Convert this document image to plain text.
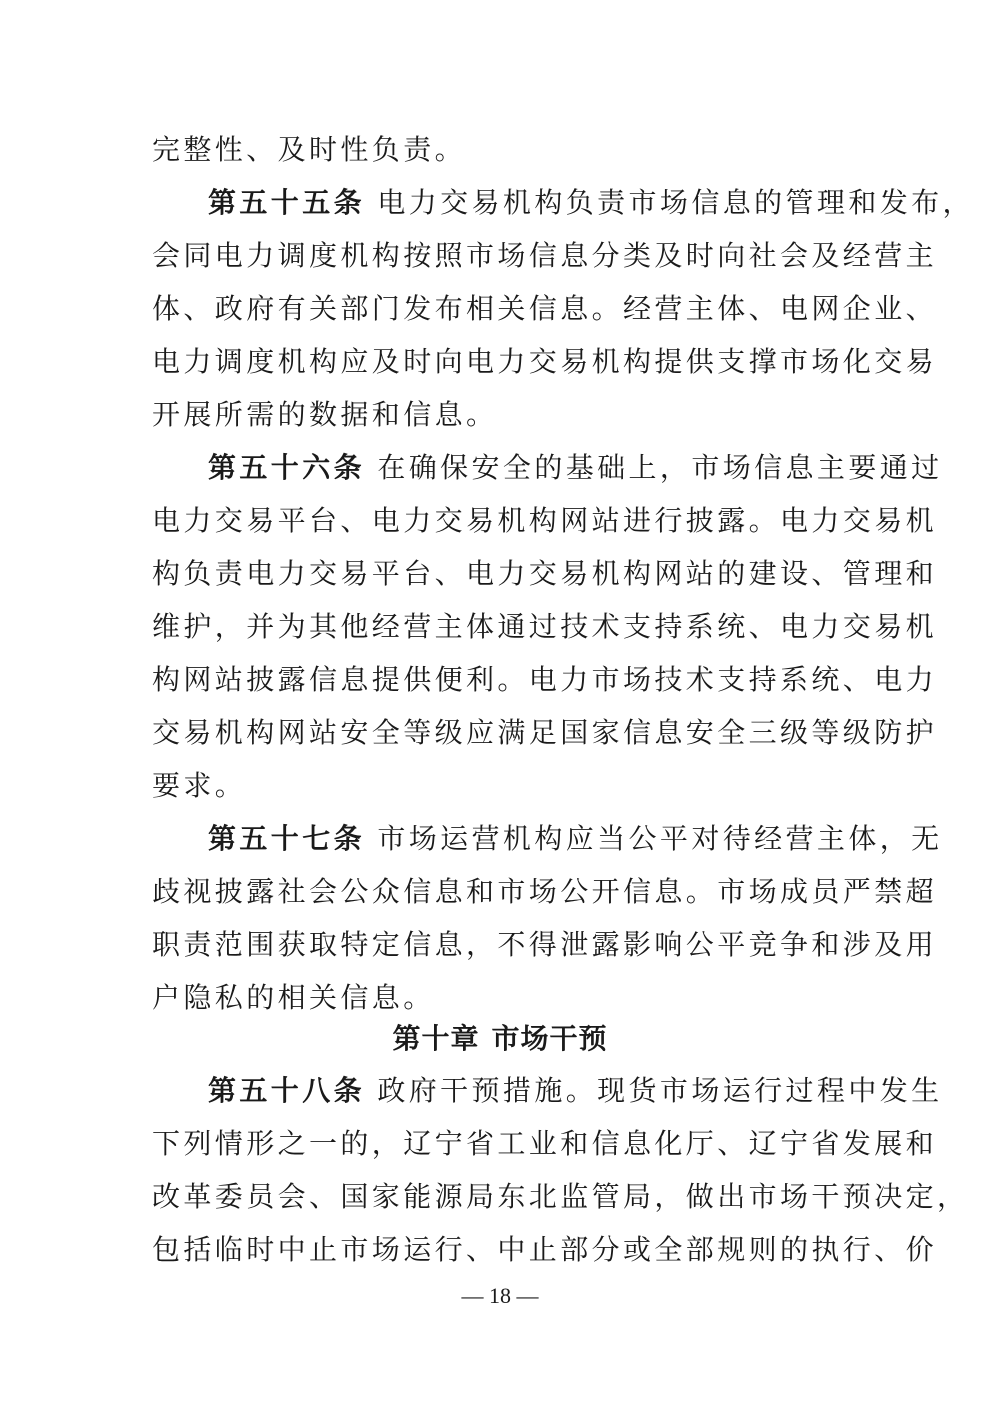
完整性、及时性负责。
第五十五条 电力交易机构负责市场信息的管理和发布，
会同电力调度机构按照市场信息分类及时向社会及经营主
体、政府有关部门发布相关信息。经营主体、电网企业、
电力调度机构应及时向电力交易机构提供支撑市场化交易
开展所需的数据和信息。
第五十六条 在确保安全的基础上，市场信息主要通过
电力交易平台、电力交易机构网站进行披露。电力交易机
构负责电力交易平台、电力交易机构网站的建设、管理和
维护，并为其他经营主体通过技术支持系统、电力交易机
构网站披露信息提供便利。电力市场技术支持系统、电力
交易机构网站安全等级应满足国家信息安全三级等级防护
要求。
第五十七条 市场运营机构应当公平对待经营主体，无
歧视披露社会公众信息和市场公开信息。市场成员严禁超
职责范围获取特定信息，不得泄露影响公平竞争和涉及用
户隐私的相关信息。
第十章 市场干预
第五十八条 政府干预措施。现货市场运行过程中发生
下列情形之一的，辽宁省工业和信息化厅、辽宁省发展和
改革委员会、国家能源局东北监管局，做出市场干预决定，
包括临时中止市场运行、中止部分或全部规则的执行、价
— 18 —
